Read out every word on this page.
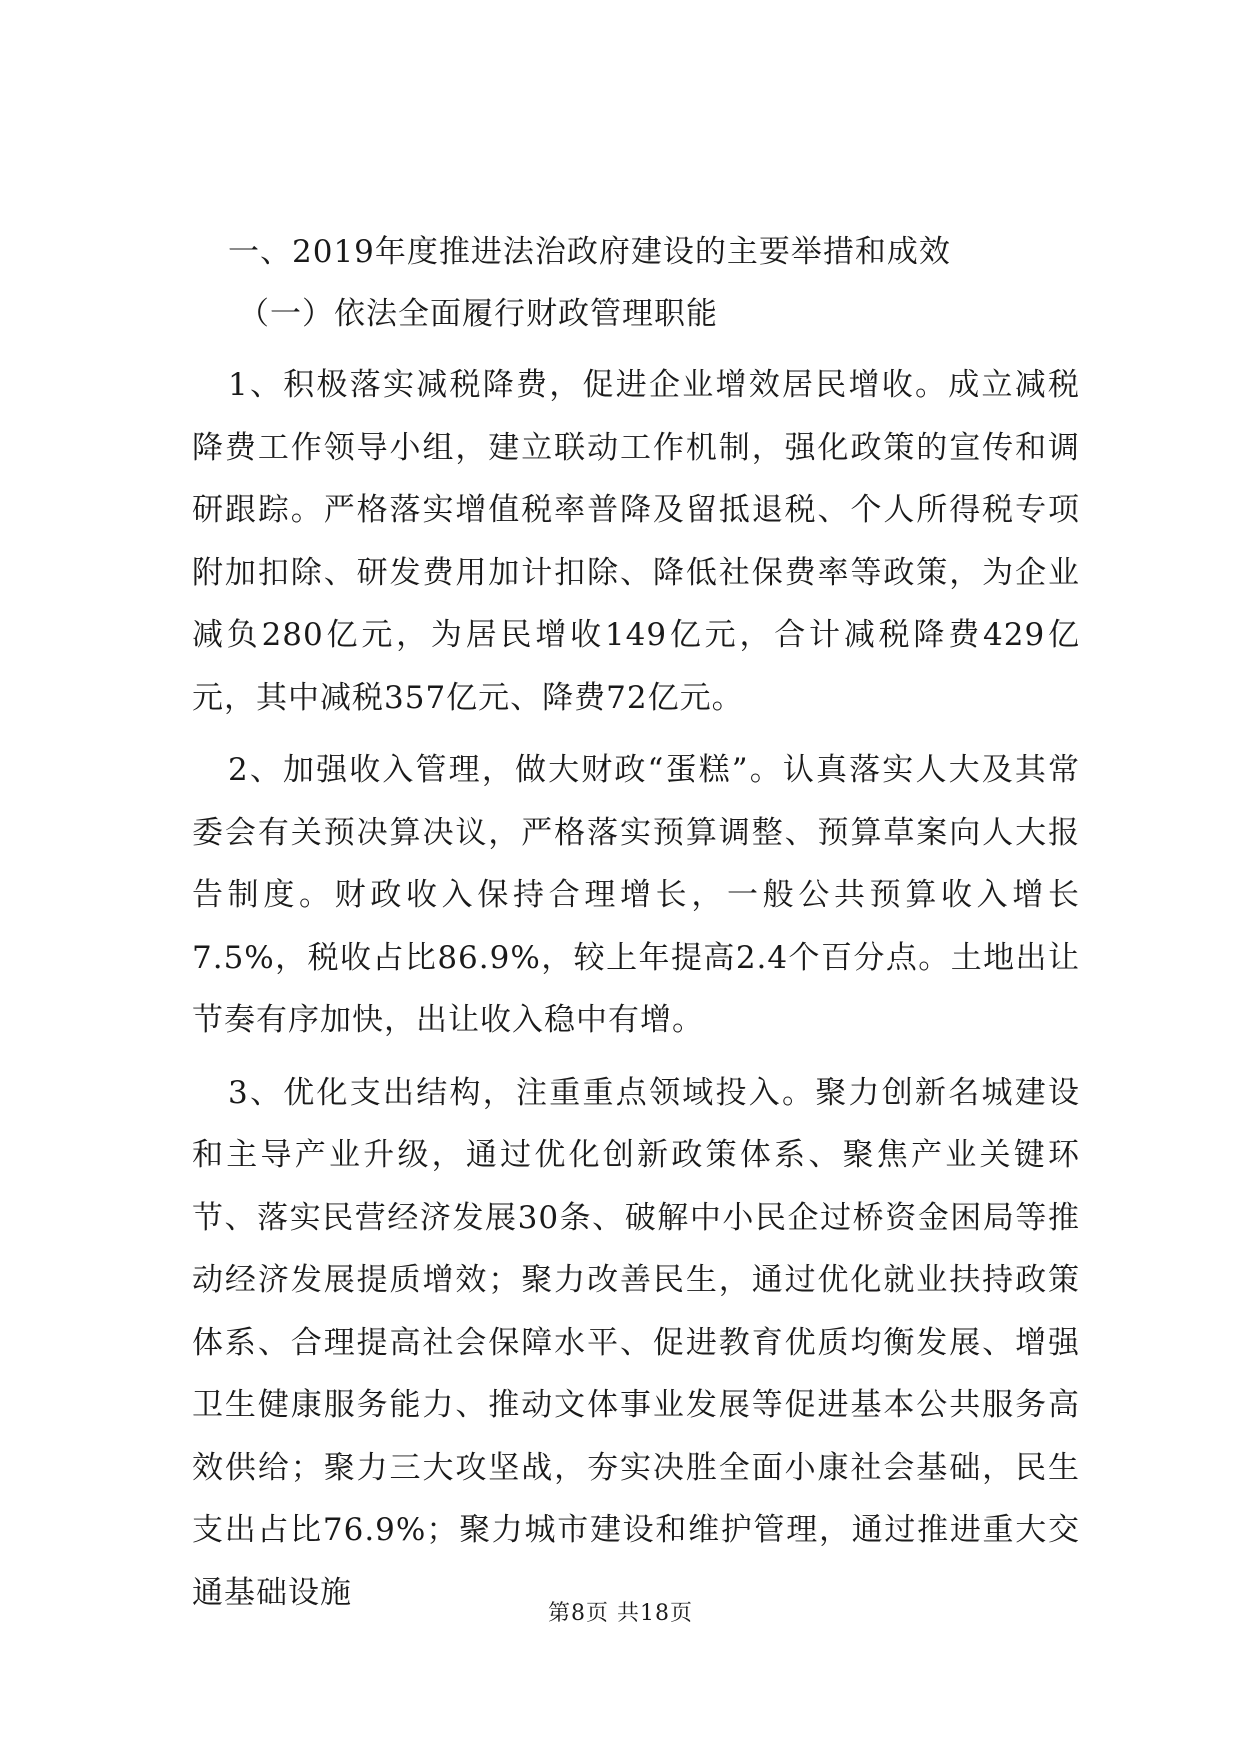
一、2019年度推进法治政府建设的主要举措和成效

（一）依法全面履行财政管理职能

1、积极落实减税降费，促进企业增效居民增收。成立减税降费工作领导小组，建立联动工作机制，强化政策的宣传和调研跟踪。严格落实增值税率普降及留抵退税、个人所得税专项附加扣除、研发费用加计扣除、降低社保费率等政策，为企业减负280亿元，为居民增收149亿元，合计减税降费429亿元，其中减税357亿元、降费72亿元。

2、加强收入管理，做大财政“蛋糕”。认真落实人大及其常委会有关预决算决议，严格落实预算调整、预算草案向人大报告制度。财政收入保持合理增长，一般公共预算收入增长7.5%，税收占比86.9%，较上年提高2.4个百分点。土地出让节奏有序加快，出让收入稳中有增。

3、优化支出结构，注重重点领域投入。聚力创新名城建设和主导产业升级，通过优化创新政策体系、聚焦产业关键环节、落实民营经济发展30条、破解中小民企过桥资金困局等推动经济发展提质增效；聚力改善民生，通过优化就业扶持政策体系、合理提高社会保障水平、促进教育优质均衡发展、增强卫生健康服务能力、推动文体事业发展等促进基本公共服务高效供给；聚力三大攻坚战，夯实决胜全面小康社会基础，民生支出占比76.9%；聚力城市建设和维护管理，通过推进重大交通基础设施

第8页 共18页
